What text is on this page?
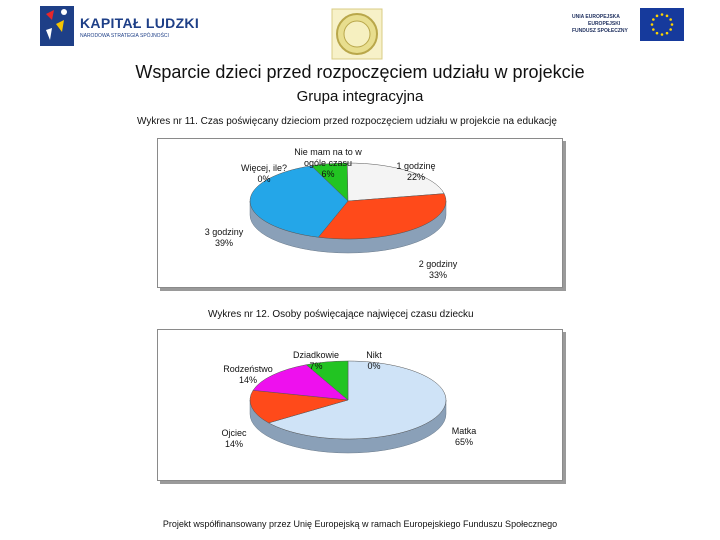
KAPITAŁ LUDZKI
NARODOWA STRATEGIA SPÓJNOŚCI
UNIA EUROPEJSKA
EUROPEJSKI
FUNDUSZ SPOŁECZNY
Wsparcie dzieci przed rozpoczęciem udziału w projekcie
Grupa integracyjna
Wykres nr 11. Czas poświęcany dzieciom przed rozpoczęciem udziału w projekcie na edukację
Nie mam na to w
ogóle czasu
6%
1 godzinę
22%
2 godziny
33%
3 godziny
39%
Więcej, ile?
0%
Wykres nr 12. Osoby poświęcające najwięcej czasu dziecku
Nikt
0%
Matka
65%
Ojciec
14%
Rodzeństwo
14%
Dziadkowie
7%
Projekt współfinansowany przez Unię Europejską w ramach Europejskiego Funduszu Społecznego
